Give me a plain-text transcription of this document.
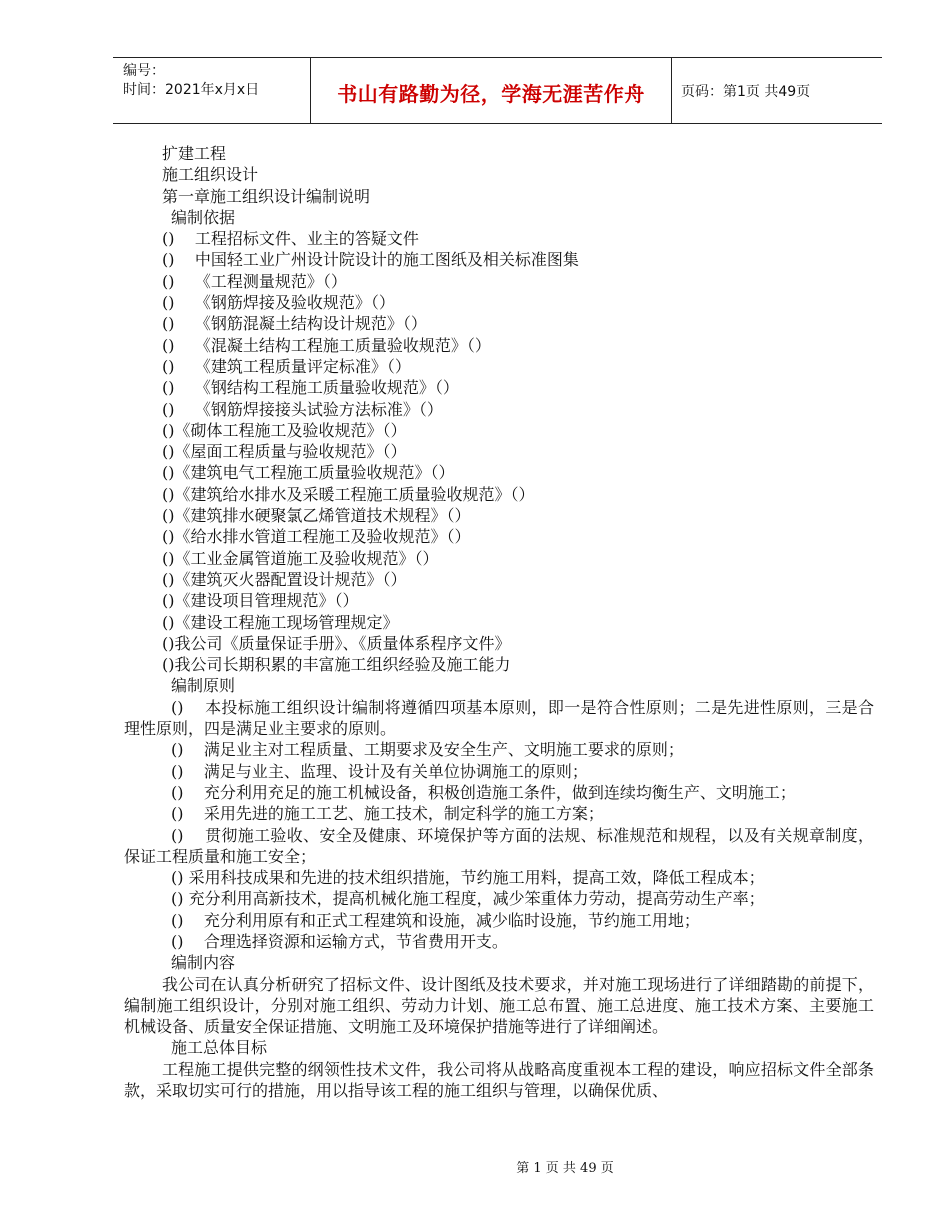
编号：
时间：2021年x月x日	书山有路勤为径，学海无涯苦作舟	页码：第1页 共49页

扩建工程

施工组织设计

第一章施工组织设计编制说明

编制依据

()    工程招标文件、业主的答疑文件

()    中国轻工业广州设计院设计的施工图纸及相关标准图集

()    《工程测量规范》（）

()    《钢筋焊接及验收规范》（）

()    《钢筋混凝土结构设计规范》（）

()    《混凝土结构工程施工质量验收规范》（）

()    《建筑工程质量评定标准》（）

()    《钢结构工程施工质量验收规范》（）

()    《钢筋焊接接头试验方法标准》（）

()《砌体工程施工及验收规范》（）

()《屋面工程质量与验收规范》（）

()《建筑电气工程施工质量验收规范》（）

()《建筑给水排水及采暖工程施工质量验收规范》（）

()《建筑排水硬聚氯乙烯管道技术规程》（）

()《给水排水管道工程施工及验收规范》（）

()《工业金属管道施工及验收规范》（）

()《建筑灭火器配置设计规范》（）

()《建设项目管理规范》（）

()《建设工程施工现场管理规定》

()我公司《质量保证手册》、《质量体系程序文件》

()我公司长期积累的丰富施工组织经验及施工能力

编制原则

()    本投标施工组织设计编制将遵循四项基本原则，即一是符合性原则；二是先进性原则，三是合理性原则，四是满足业主要求的原则。

()    满足业主对工程质量、工期要求及安全生产、文明施工要求的原则；

()    满足与业主、监理、设计及有关单位协调施工的原则；

()    充分利用充足的施工机械设备，积极创造施工条件，做到连续均衡生产、文明施工；

()    采用先进的施工工艺、施工技术，制定科学的施工方案；

()    贯彻施工验收、安全及健康、环境保护等方面的法规、标准规范和规程，以及有关规章制度，保证工程质量和施工安全；

() 采用科技成果和先进的技术组织措施，节约施工用料，提高工效，降低工程成本；

() 充分利用高新技术，提高机械化施工程度，减少笨重体力劳动，提高劳动生产率；

()    充分利用原有和正式工程建筑和设施，减少临时设施，节约施工用地；

()    合理选择资源和运输方式，节省费用开支。

编制内容

我公司在认真分析研究了招标文件、设计图纸及技术要求，并对施工现场进行了详细踏勘的前提下，编制施工组织设计，分别对施工组织、劳动力计划、施工总布置、施工总进度、施工技术方案、主要施工机械设备、质量安全保证措施、文明施工及环境保护措施等进行了详细阐述。

施工总体目标

工程施工提供完整的纲领性技术文件，我公司将从战略高度重视本工程的建设，响应招标文件全部条款，采取切实可行的措施，用以指导该工程的施工组织与管理，以确保优质、

第 1 页 共 49 页
